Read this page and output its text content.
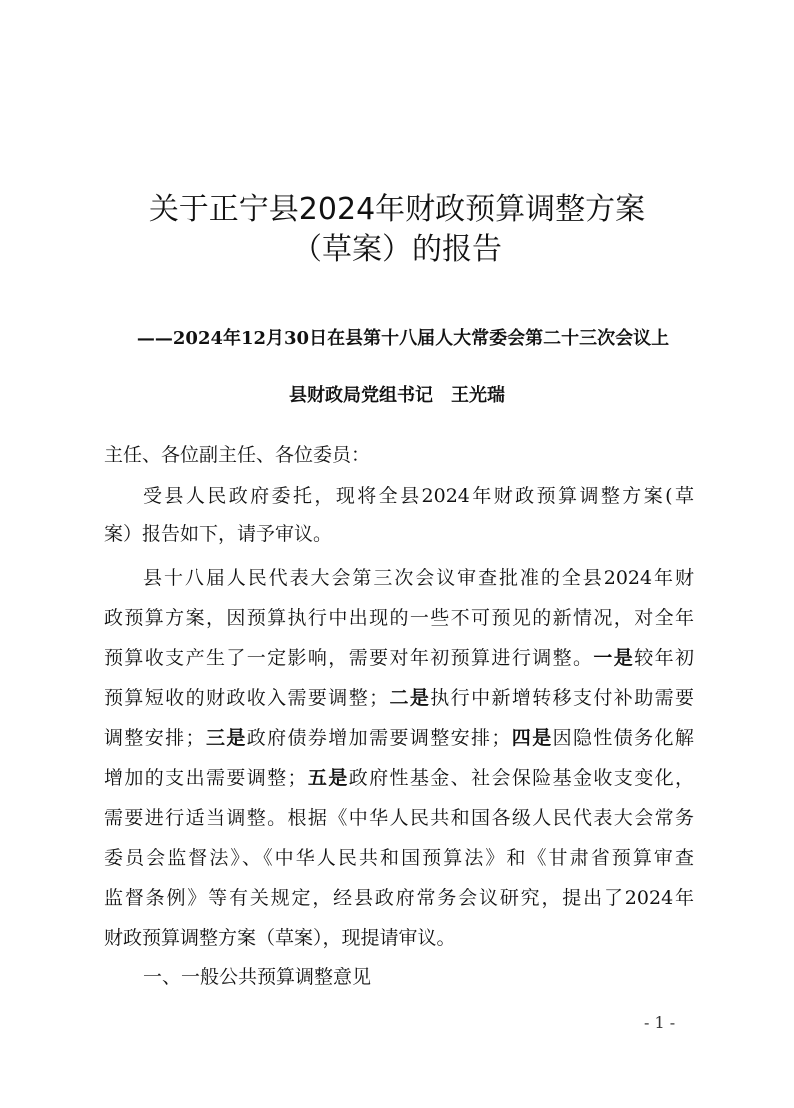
关于正宁县2024年财政预算调整方案
（草案）的报告
——2024年12月30日在县第十八届人大常委会第二十三次会议上
县财政局党组书记　王光瑞
主任、各位副主任、各位委员：
受县人民政府委托，现将全县2024年财政预算调整方案(草
案）报告如下，请予审议。
县十八届人民代表大会第三次会议审查批准的全县2024年财
政预算方案，因预算执行中出现的一些不可预见的新情况，对全年
预算收支产生了一定影响，需要对年初预算进行调整。一是较年初
预算短收的财政收入需要调整；二是执行中新增转移支付补助需要
调整安排；三是政府债券增加需要调整安排；四是因隐性债务化解
增加的支出需要调整；五是政府性基金、社会保险基金收支变化，
需要进行适当调整。根据《中华人民共和国各级人民代表大会常务
委员会监督法》、《中华人民共和国预算法》和《甘肃省预算审查
监督条例》等有关规定，经县政府常务会议研究，提出了2024年
财政预算调整方案（草案），现提请审议。
一、一般公共预算调整意见
- 1 -
